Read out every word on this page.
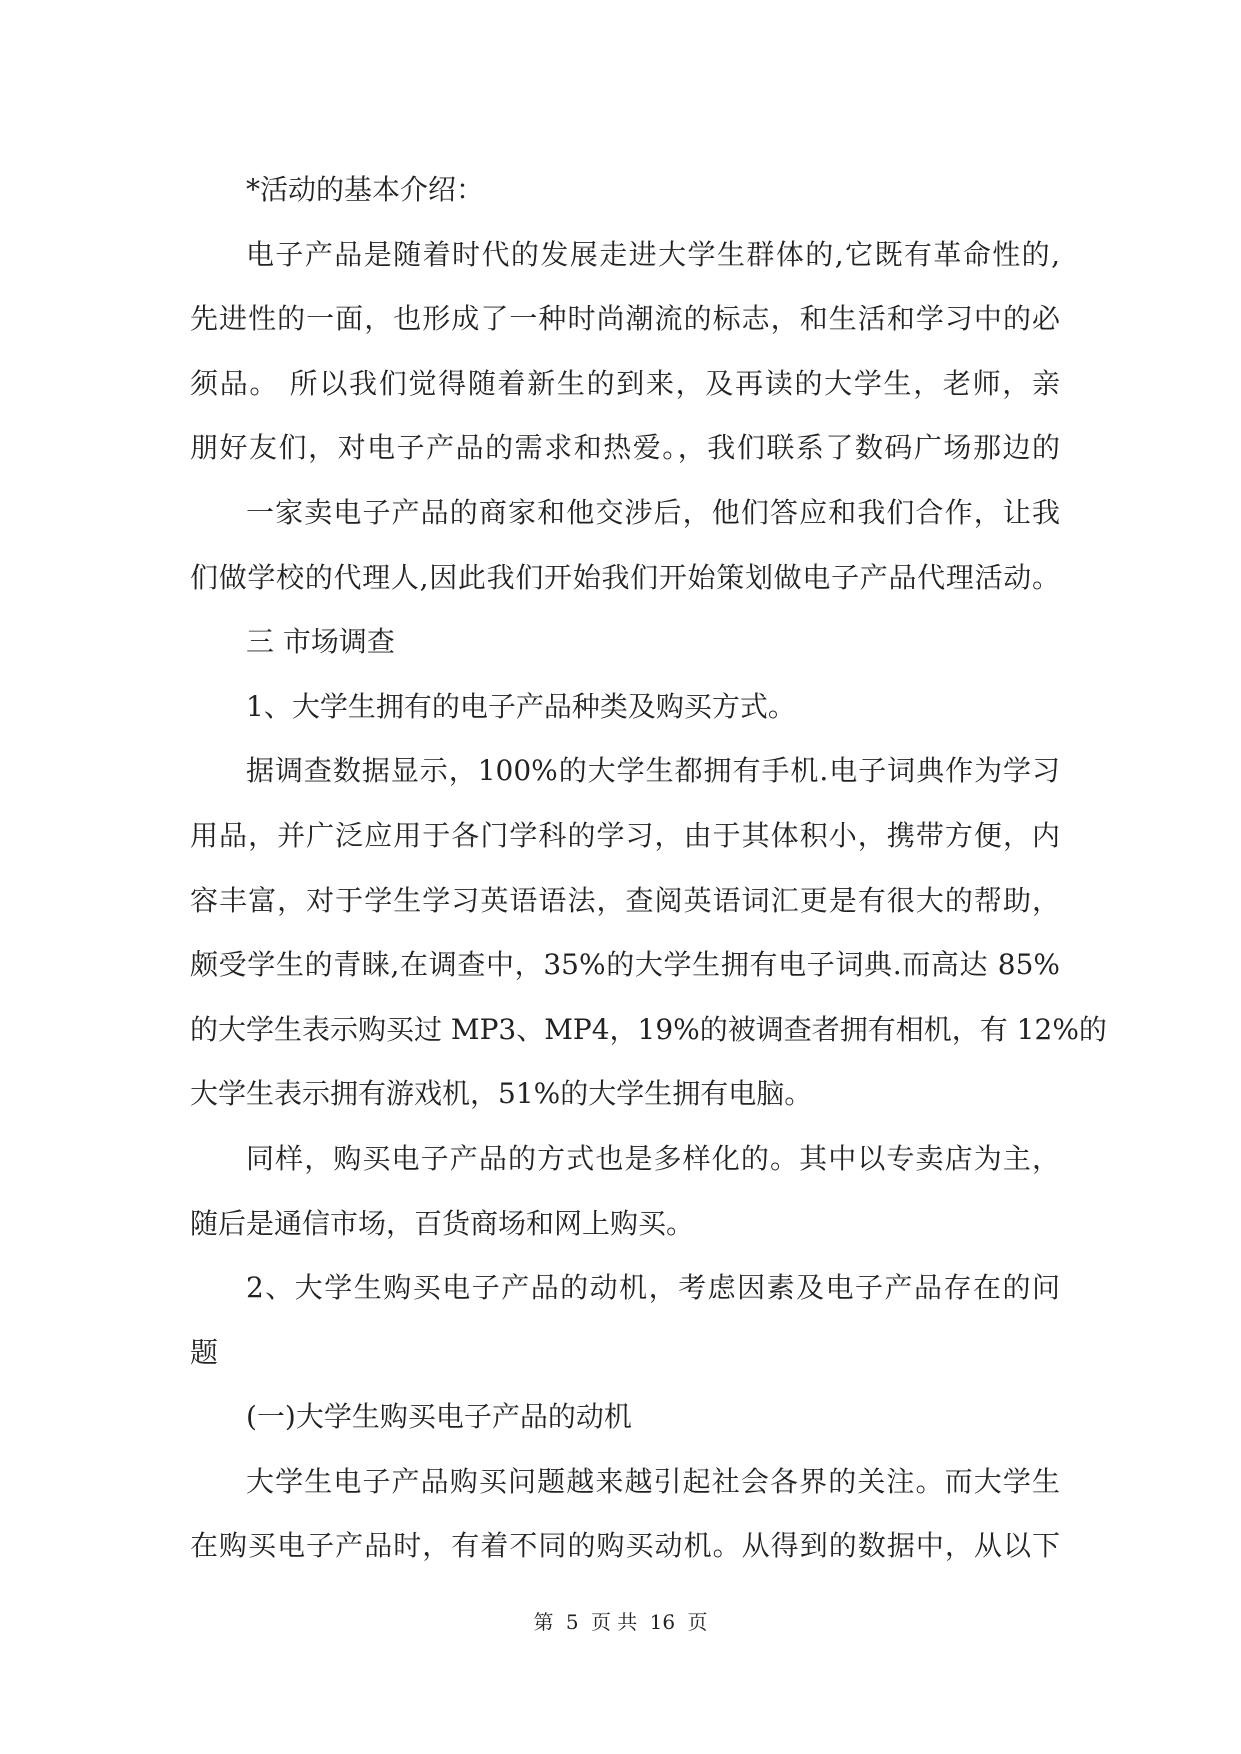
*活动的基本介绍：
电子产品是随着时代的发展走进大学生群体的,它既有革命性的,
先进性的一面，也形成了一种时尚潮流的标志，和生活和学习中的必
须品。 所以我们觉得随着新生的到来，及再读的大学生，老师，亲
朋好友们，对电子产品的需求和热爱。，我们联系了数码广场那边的
一家卖电子产品的商家和他交涉后，他们答应和我们合作，让我
们做学校的代理人,因此我们开始我们开始策划做电子产品代理活动。
三 市场调查
1、大学生拥有的电子产品种类及购买方式。
据调查数据显示，100%的大学生都拥有手机.电子词典作为学习
用品，并广泛应用于各门学科的学习，由于其体积小，携带方便，内
容丰富，对于学生学习英语语法，查阅英语词汇更是有很大的帮助，
颇受学生的青睐,在调查中，35%的大学生拥有电子词典.而高达 85%
的大学生表示购买过 MP3、MP4，19%的被调查者拥有相机，有 12%的
大学生表示拥有游戏机，51%的大学生拥有电脑。
同样，购买电子产品的方式也是多样化的。其中以专卖店为主，
随后是通信市场，百货商场和网上购买。
2、大学生购买电子产品的动机，考虑因素及电子产品存在的问
题
(一)大学生购买电子产品的动机
大学生电子产品购买问题越来越引起社会各界的关注。而大学生
在购买电子产品时，有着不同的购买动机。从得到的数据中，从以下
第 5 页 共 16 页
